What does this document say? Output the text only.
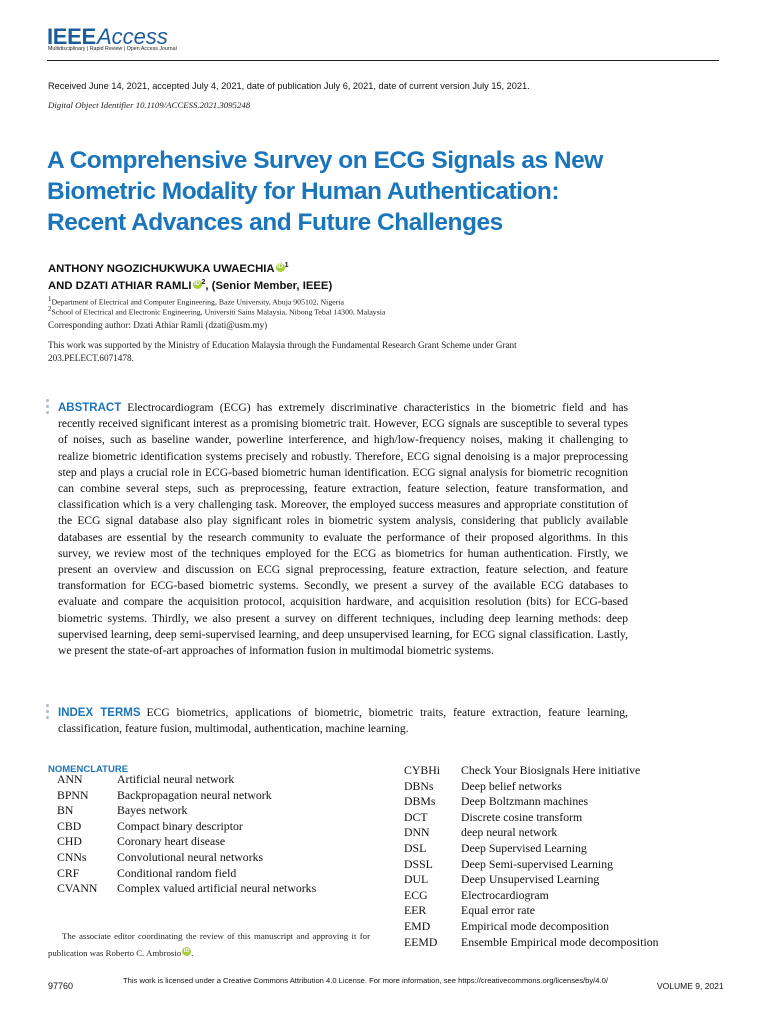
IEEEAccess
Multidisciplinary | Rapid Review | Open Access Journal
Received June 14, 2021, accepted July 4, 2021, date of publication July 6, 2021, date of current version July 15, 2021.
Digital Object Identifier 10.1109/ACCESS.2021.3095248
A Comprehensive Survey on ECG Signals as New
Biometric Modality for Human Authentication:
Recent Advances and Future Challenges
ANTHONY NGOZICHUKWUKA UWAECHIA iD $^1$
AND DZATI ATHIAR RAMLI iD $^2$, (Senior Member, IEEE)
$^1$Department of Electrical and Computer Engineering, Baze University, Abuja 905102, Nigeria
$^2$School of Electrical and Electronic Engineering, Universiti Sains Malaysia, Nibong Tebal 14300, Malaysia
Corresponding author: Dzati Athiar Ramli (dzati@usm.my)
This work was supported by the Ministry of Education Malaysia through the Fundamental Research Grant Scheme under Grant 203.PELECT.6071478.
ABSTRACT Electrocardiogram (ECG) has extremely discriminative characteristics in the biometric field and has recently received significant interest as a promising biometric trait. However, ECG signals are susceptible to several types of noises, such as baseline wander, powerline interference, and high/low-frequency noises, making it challenging to realize biometric identification systems precisely and robustly. Therefore, ECG signal denoising is a major preprocessing step and plays a crucial role in ECG-based biometric human identification. ECG signal analysis for biometric recognition can combine several steps, such as preprocessing, feature extraction, feature selection, feature transformation, and classification which is a very challenging task. Moreover, the employed success measures and appropriate constitution of the ECG signal database also play significant roles in biometric system analysis, considering that publicly available databases are essential by the research community to evaluate the performance of their proposed algorithms. In this survey, we review most of the techniques employed for the ECG as biometrics for human authentication. Firstly, we present an overview and discussion on ECG signal preprocessing, feature extraction, feature selection, and feature transformation for ECG-based biometric systems. Secondly, we present a survey of the available ECG databases to evaluate and compare the acquisition protocol, acquisition hardware, and acquisition resolution (bits) for ECG-based biometric systems. Thirdly, we also present a survey on different techniques, including deep learning methods: deep supervised learning, deep semi-supervised learning, and deep unsupervised learning, for ECG signal classification. Lastly, we present the state-of-art approaches of information fusion in multimodal biometric systems.
INDEX TERMS ECG biometrics, applications of biometric, biometric traits, feature extraction, feature learning, classification, feature fusion, multimodal, authentication, machine learning.
NOMENCLATURE
ANN	Artificial neural network
BPNN	Backpropagation neural network
BN	Bayes network
CBD	Compact binary descriptor
CHD	Coronary heart disease
CNNs	Convolutional neural networks
CRF	Conditional random field
CVANN	Complex valued artificial neural networks
CYBHi	Check Your Biosignals Here initiative
DBNs	Deep belief networks
DBMs	Deep Boltzmann machines
DCT	Discrete cosine transform
DNN	deep neural network
DSL	Deep Supervised Learning
DSSL	Deep Semi-supervised Learning
DUL	Deep Unsupervised Learning
ECG	Electrocardiogram
EER	Equal error rate
EMD	Empirical mode decomposition
EEMD	Ensemble Empirical mode decomposition
The associate editor coordinating the review of this manuscript and approving it for publication was Roberto C. Ambrosio iD .
97760
This work is licensed under a Creative Commons Attribution 4.0 License. For more information, see https://creativecommons.org/licenses/by/4.0/
VOLUME 9, 2021
